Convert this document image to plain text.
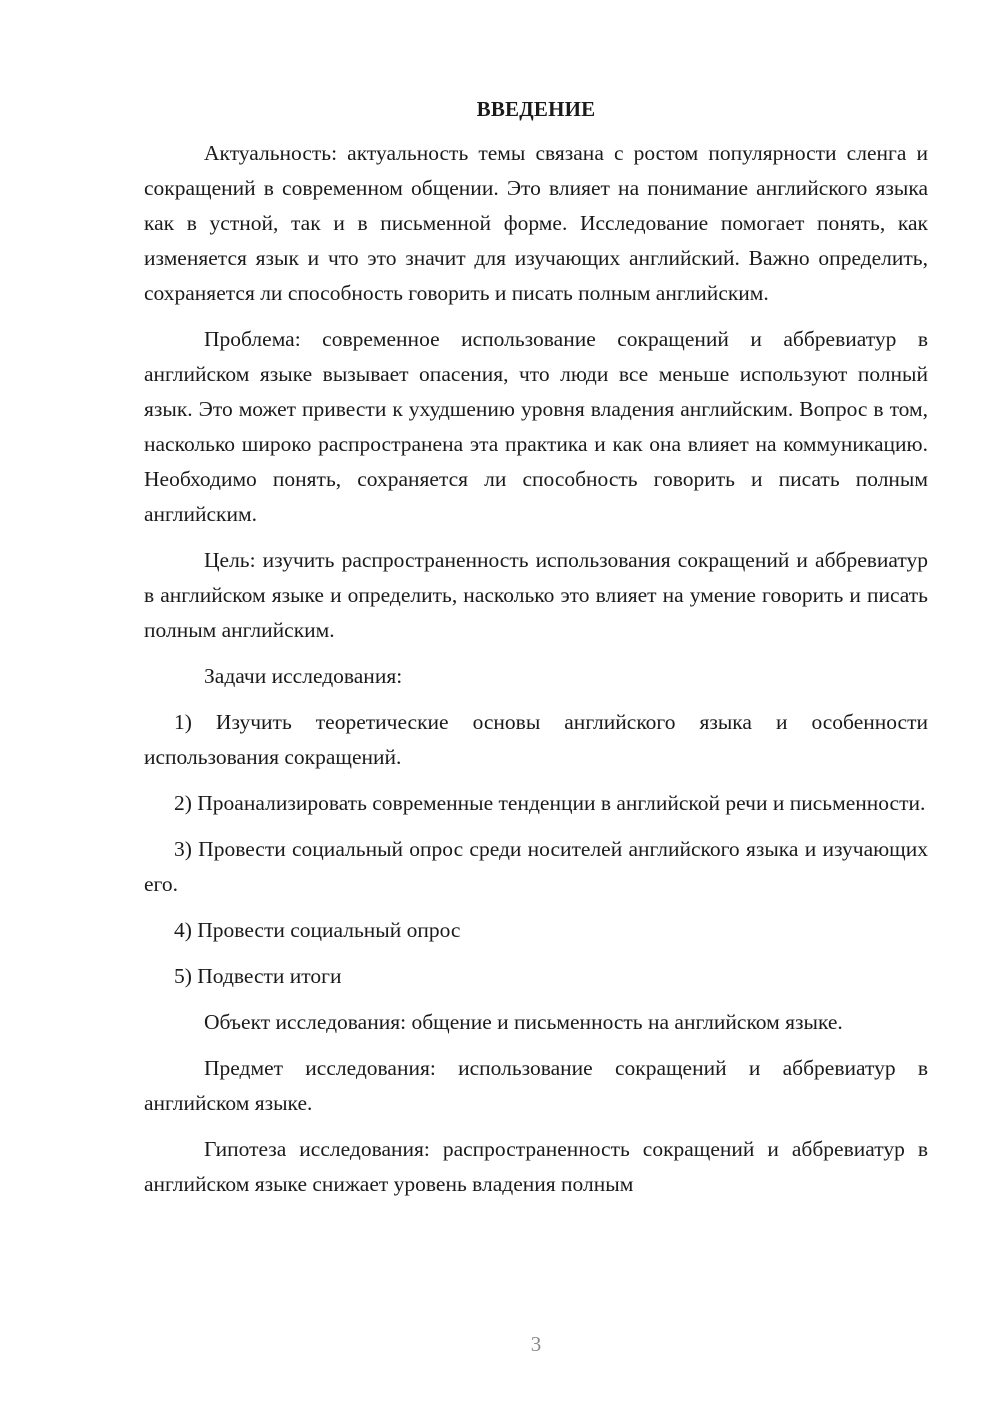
ВВЕДЕНИЕ

Актуальность: актуальность темы связана с ростом популярности сленга и сокращений в современном общении. Это влияет на понимание английского языка как в устной, так и в письменной форме. Исследование помогает понять, как изменяется язык и что это значит для изучающих английский. Важно определить, сохраняется ли способность говорить и писать полным английским.

Проблема: современное использование сокращений и аббревиатур в английском языке вызывает опасения, что люди все меньше используют полный язык. Это может привести к ухудшению уровня владения английским. Вопрос в том, насколько широко распространена эта практика и как она влияет на коммуникацию. Необходимо понять, сохраняется ли способность говорить и писать полным английским.

Цель: изучить распространенность использования сокращений и аббревиатур в английском языке и определить, насколько это влияет на умение говорить и писать полным английским.

Задачи исследования:

1) Изучить теоретические основы английского языка и особенности использования сокращений.

2) Проанализировать современные тенденции в английской речи и письменности.

3) Провести социальный опрос среди носителей английского языка и изучающих его.

4) Провести социальный опрос

5) Подвести итоги

Объект исследования: общение и письменность на английском языке.

Предмет исследования: использование сокращений и аббревиатур в английском языке.

Гипотеза исследования: распространенность сокращений и аббревиатур в английском языке снижает уровень владения полным

3
